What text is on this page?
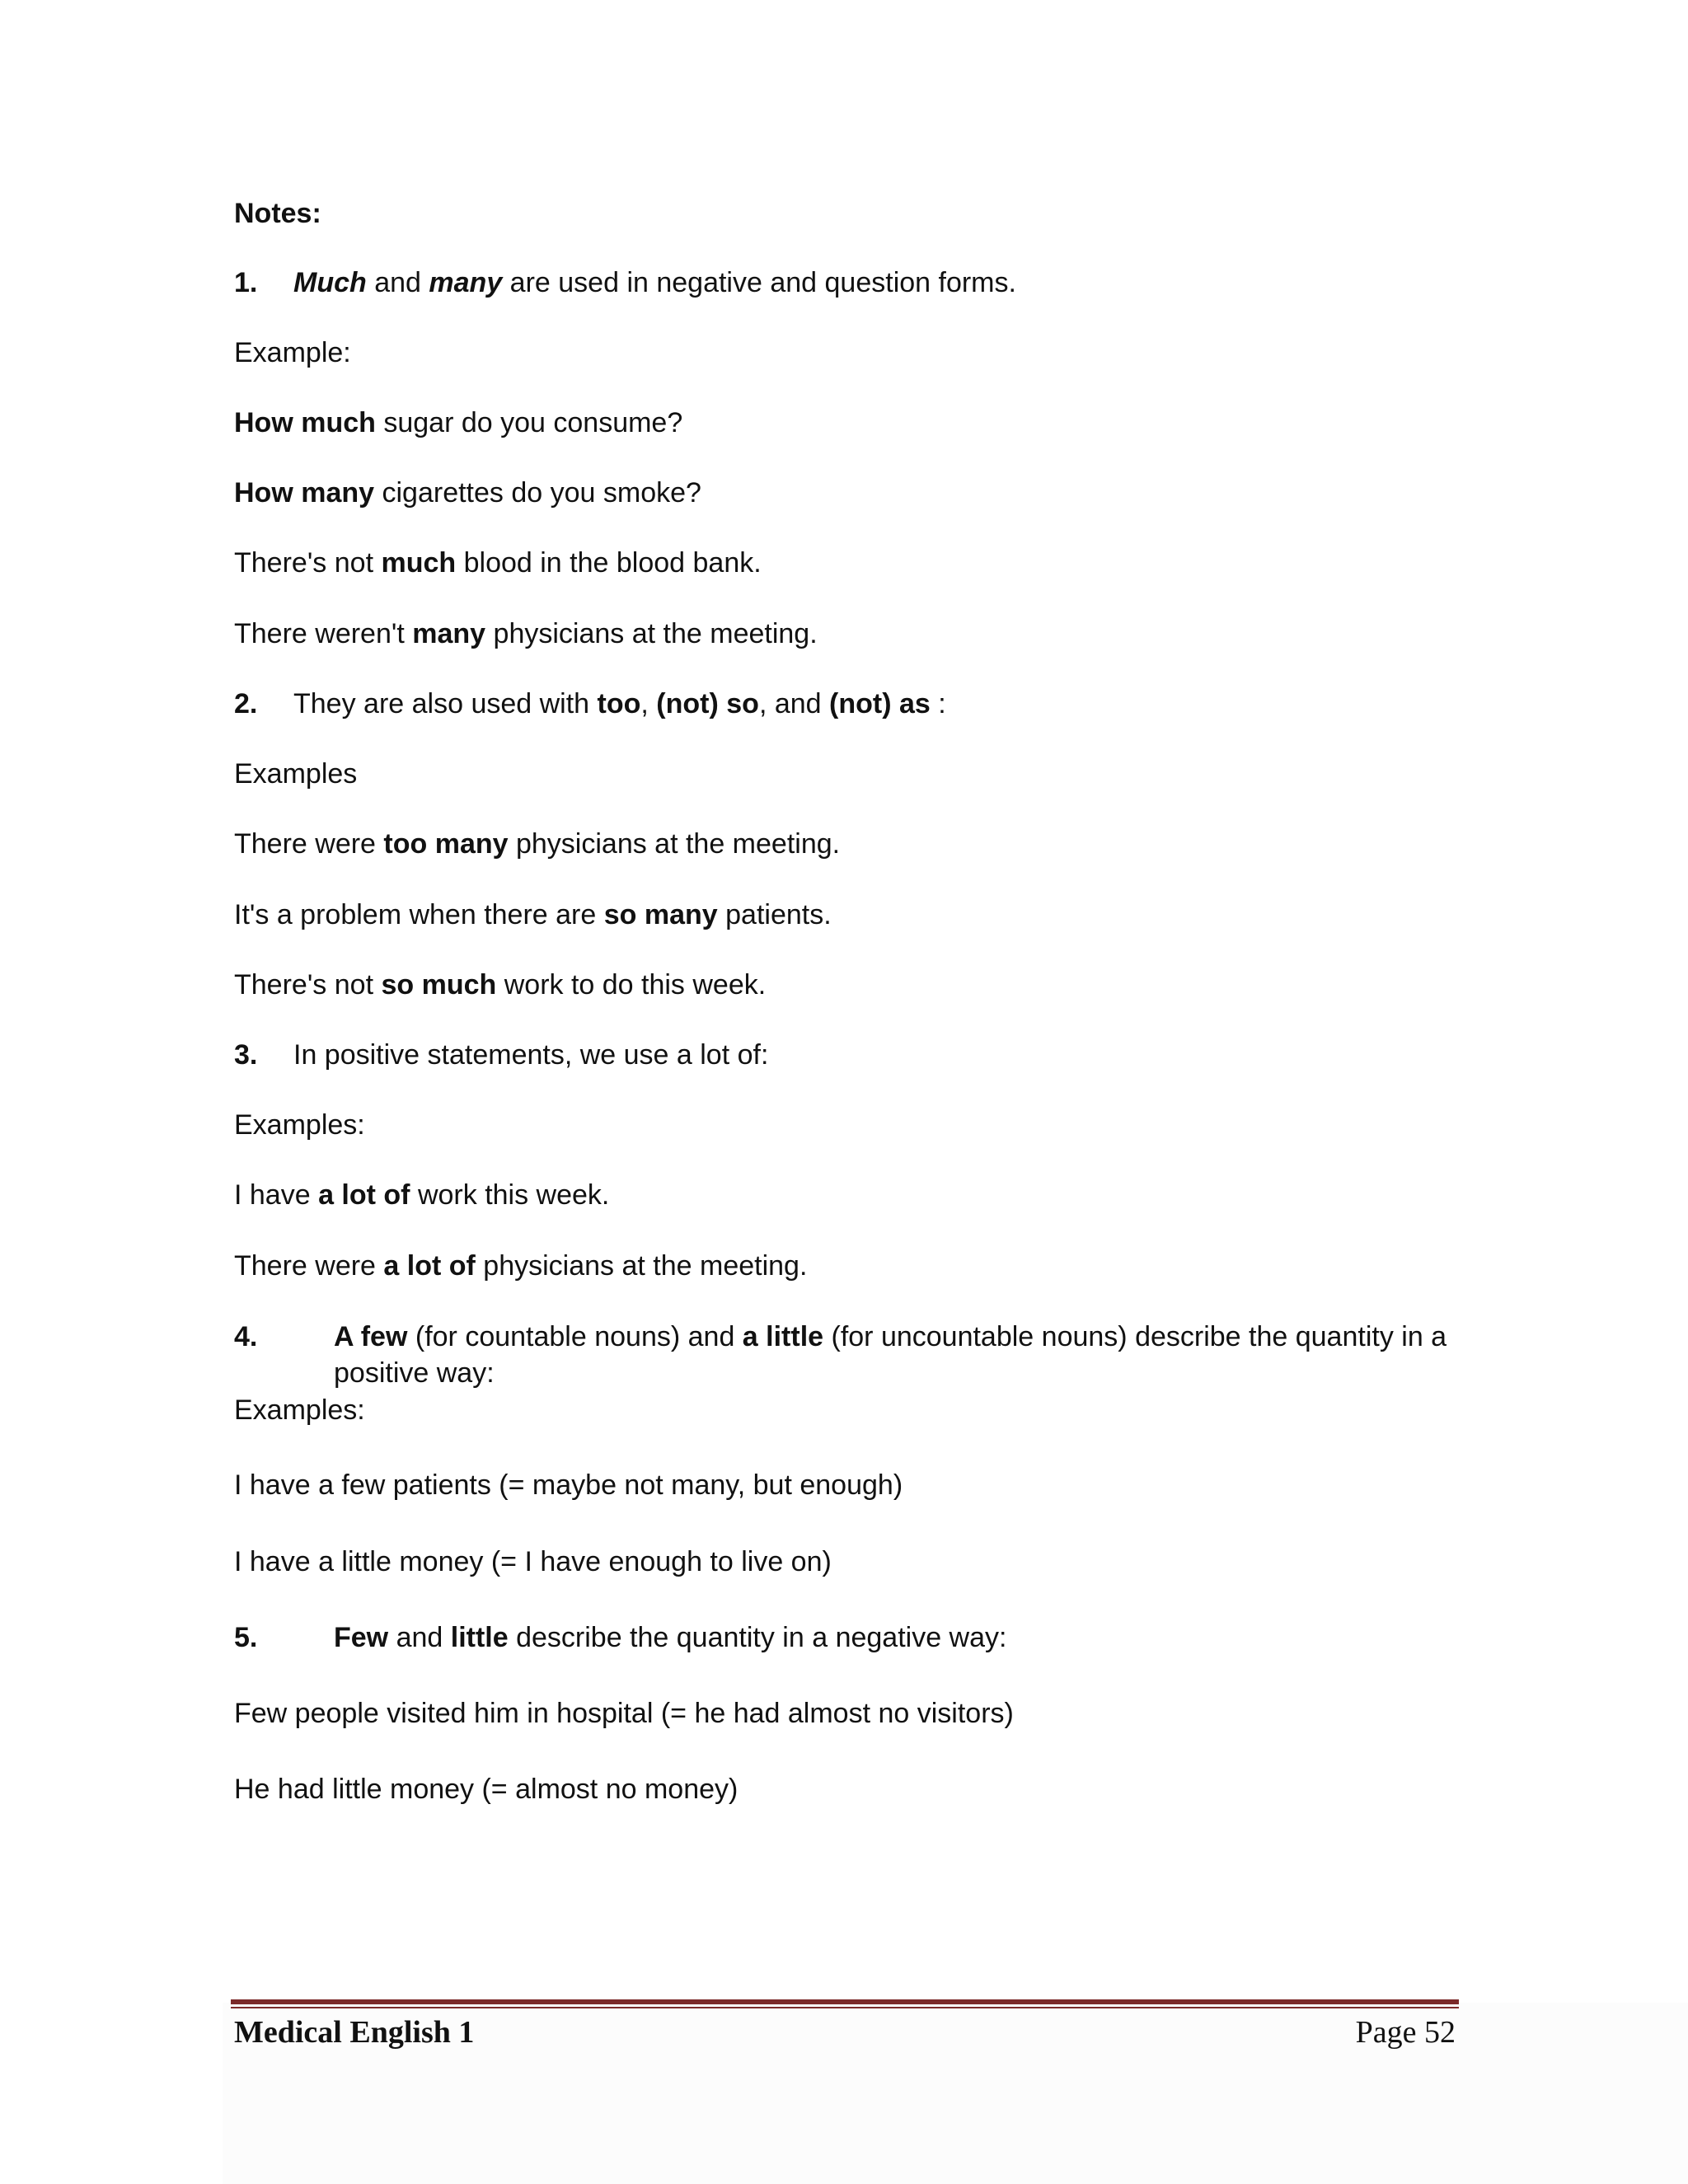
Notes:
1. Much and many are used in negative and question forms.
Example:
How much sugar do you consume?
How many cigarettes do you smoke?
There's not much blood in the blood bank.
There weren't many physicians at the meeting.
2. They are also used with too, (not) so, and (not) as :
Examples
There were too many physicians at the meeting.
It's a problem when there are so many patients.
There's not so much work to do this week.
3. In positive statements, we use a lot of:
Examples:
I have a lot of work this week.
There were a lot of physicians at the meeting.
4.	A few (for countable nouns) and a little (for uncountable nouns) describe the quantity in a positive way:
Examples:
I have a few patients (= maybe not many, but enough)
I have a little money (= I have enough to live on)
5.	Few and little describe the quantity in a negative way:
Few people visited him in hospital (= he had almost no visitors)
He had little money (= almost no money)
Medical English 1	Page 52
